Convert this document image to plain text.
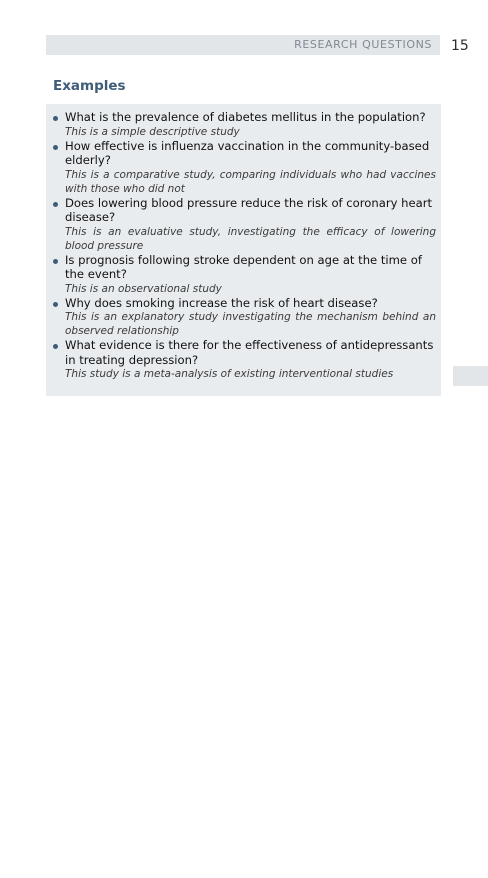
RESEARCH QUESTIONS 15
Examples
What is the prevalence of diabetes mellitus in the population?
This is a simple descriptive study
How effective is influenza vaccination in the community-based elderly?
This is a comparative study, comparing individuals who had vaccines with those who did not
Does lowering blood pressure reduce the risk of coronary heart disease?
This is an evaluative study, investigating the efficacy of lowering blood pressure
Is prognosis following stroke dependent on age at the time of the event?
This is an observational study
Why does smoking increase the risk of heart disease?
This is an explanatory study investigating the mechanism behind an observed relationship
What evidence is there for the effectiveness of antidepressants in treating depression?
This study is a meta-analysis of existing interventional studies
